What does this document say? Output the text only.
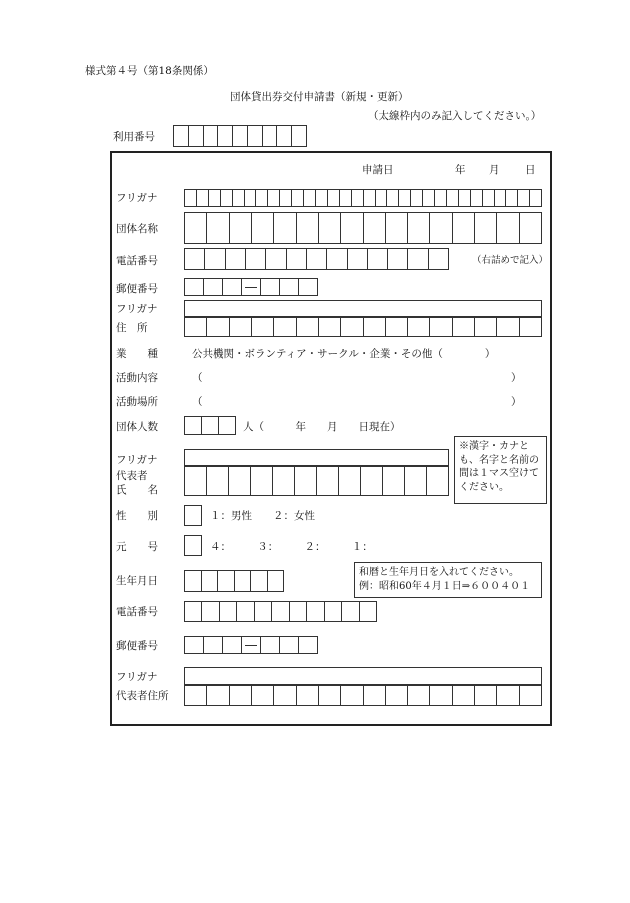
様式第４号（第18条関係）
団体貸出券交付申請書（新規・更新）
（太線枠内のみ記入してください。）
利用番号
申請日	年 月 日
フリガナ
団体名称
電話番号	（右詰めで記入）
郵便番号
フリガナ
住　所
業　　種	公共機関・ボランティア・サークル・企業・その他（　　　　）
活動内容	（	）
活動場所	（	）
団体人数	人（　　　年　　月　　日現在）
フリガナ
代表者
氏　　名
※漢字・カナとも、名字と名前の間は１マス空けてください。
性　　別	１：男性　　２：女性
元　　号	４：　　　３：　　　２：　　　１：
生年月日
和暦と生年月日を入れてください。
例：昭和60年４月１日⇒６００４０１
電話番号
郵便番号
フリガナ
代表者住所
